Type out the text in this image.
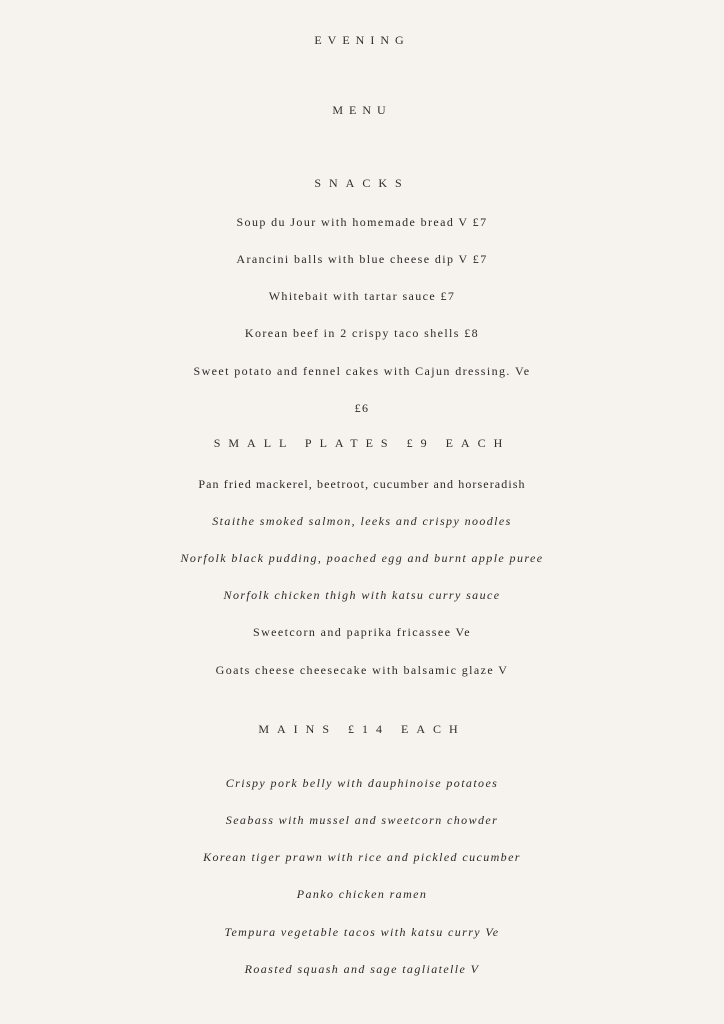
EVENING
MENU
SNACKS
Soup du Jour with homemade bread V £7
Arancini balls with blue cheese dip V £7
Whitebait with tartar sauce £7
Korean beef in 2 crispy taco shells £8
Sweet potato and fennel cakes with Cajun dressing. Ve
£6
SMALL PLATES £9 EACH
Pan fried mackerel, beetroot, cucumber and horseradish
Staithe smoked salmon, leeks and crispy noodles
Norfolk black pudding, poached egg and burnt apple puree
Norfolk chicken thigh with katsu curry sauce
Sweetcorn and paprika fricassee Ve
Goats cheese cheesecake with balsamic glaze V
MAINS £14 EACH
Crispy pork belly with dauphinoise potatoes
Seabass with mussel and sweetcorn chowder
Korean tiger prawn with rice and pickled cucumber
Panko chicken ramen
Tempura vegetable tacos with katsu curry Ve
Roasted squash and sage tagliatelle V
